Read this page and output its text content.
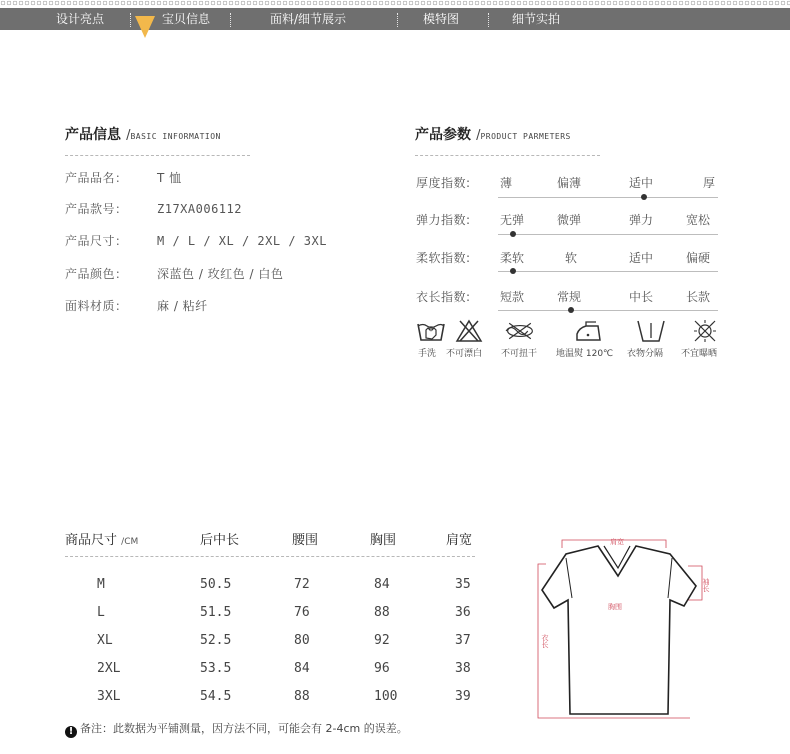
设计亮点	宝贝信息	面料/细节展示	模特图	细节实拍
产品信息 /BASIC INFORMATION
产品品名： T 恤
产品款号： Z17XA006112
产品尺寸： M / L / XL / 2XL / 3XL
产品颜色： 深蓝色 / 玫红色 / 白色
面料材质： 麻 / 粘纤
产品参数 /PRODUCT PARMETERS
厚度指数: 薄	偏薄	适中	厚
弹力指数: 无弹	微弹	弹力	宽松
柔软指数: 柔软	软	适中	偏硬
衣长指数: 短款	常规	中长	长款
手洗 不可漂白 不可扭干 地温熨 120℃ 衣物分隔 不宜曝晒
商品尺寸 /CM	后中长	腰围	胸围	肩宽
M	50.5	72	84	35
L	51.5	76	88	36
XL	52.5	80	92	37
2XL	53.5	84	96	38
3XL	54.5	88	100	39
! 备注：此数据为平铺测量，因方法不同，可能会有 2-4cm 的误差。
肩宽
袖长
胸围
衣长
